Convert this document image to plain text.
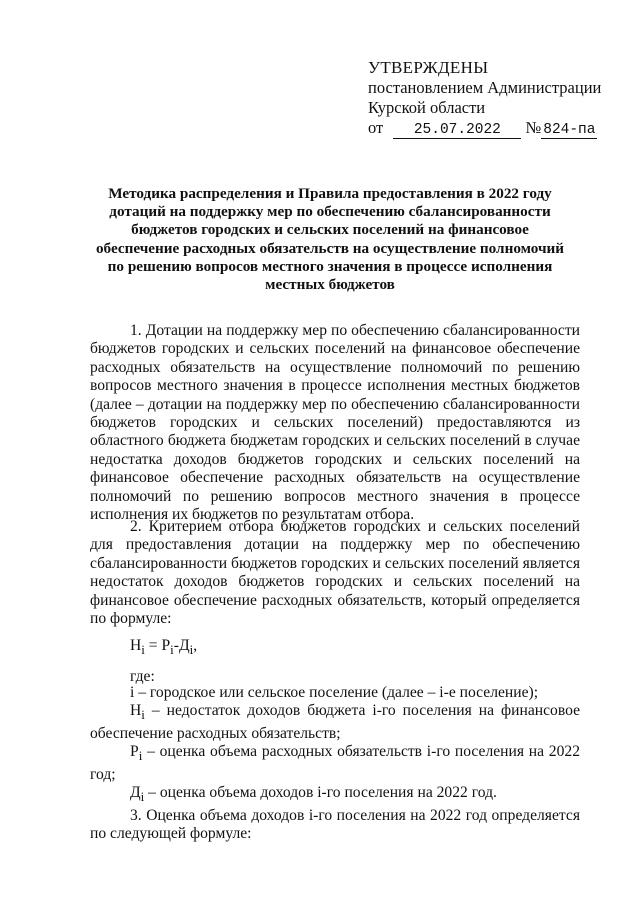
УТВЕРЖДЕНЫ
постановлением Администрации
Курской области
от 25.07.2022 № 824-па
Методика распределения и Правила предоставления в 2022 году дотаций на поддержку мер по обеспечению сбалансированности бюджетов городских и сельских поселений на финансовое обеспечение расходных обязательств на осуществление полномочий по решению вопросов местного значения в процессе исполнения местных бюджетов

1. Дотации на поддержку мер по обеспечению сбалансированности бюджетов городских и сельских поселений на финансовое обеспечение расходных обязательств на осуществление полномочий по решению вопросов местного значения в процессе исполнения местных бюджетов (далее – дотации на поддержку мер по обеспечению сбалансированности бюджетов городских и сельских поселений) предоставляются из областного бюджета бюджетам городских и сельских поселений в случае недостатка доходов бюджетов городских и сельских поселений на финансовое обеспечение расходных обязательств на осуществление полномочий по решению вопросов местного значения в процессе исполнения их бюджетов по результатам отбора.

2. Критерием отбора бюджетов городских и сельских поселений для предоставления дотации на поддержку мер по обеспечению сбалансированности бюджетов городских и сельских поселений является недостаток доходов бюджетов городских и сельских поселений на финансовое обеспечение расходных обязательств, который определяется по формуле:

$Н_i = Р_i-Д_i$,
где:

i – городское или сельское поселение (далее – i-е поселение);

$Н_i$ – недостаток доходов бюджета i-го поселения на финансовое обеспечение расходных обязательств;

$Р_i$ – оценка объема расходных обязательств i-го поселения на 2022 год;

$Д_i$ – оценка объема доходов i-го поселения на 2022 год.

3. Оценка объема доходов i-го поселения на 2022 год определяется по следующей формуле:
